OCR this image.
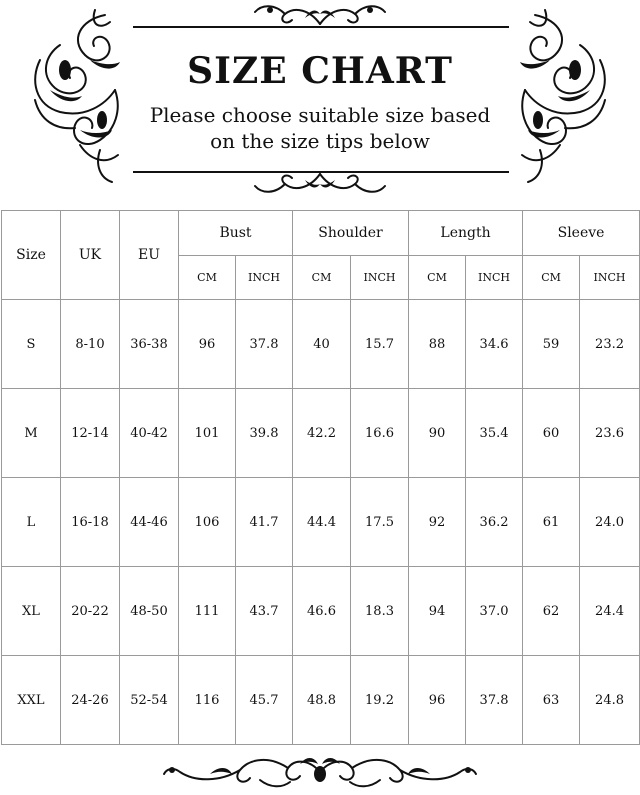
SIZE CHART
Please choose suitable size based
on the size tips below
Size	UK	EU	Bust		Shoulder		Length		Sleeve	
			CM	INCH	CM	INCH	CM	INCH	CM	INCH
S	8-10	36-38	96	37.8	40	15.7	88	34.6	59	23.2
M	12-14	40-42	101	39.8	42.2	16.6	90	35.4	60	23.6
L	16-18	44-46	106	41.7	44.4	17.5	92	36.2	61	24.0
XL	20-22	48-50	111	43.7	46.6	18.3	94	37.0	62	24.4
XXL	24-26	52-54	116	45.7	48.8	19.2	96	37.8	63	24.8
